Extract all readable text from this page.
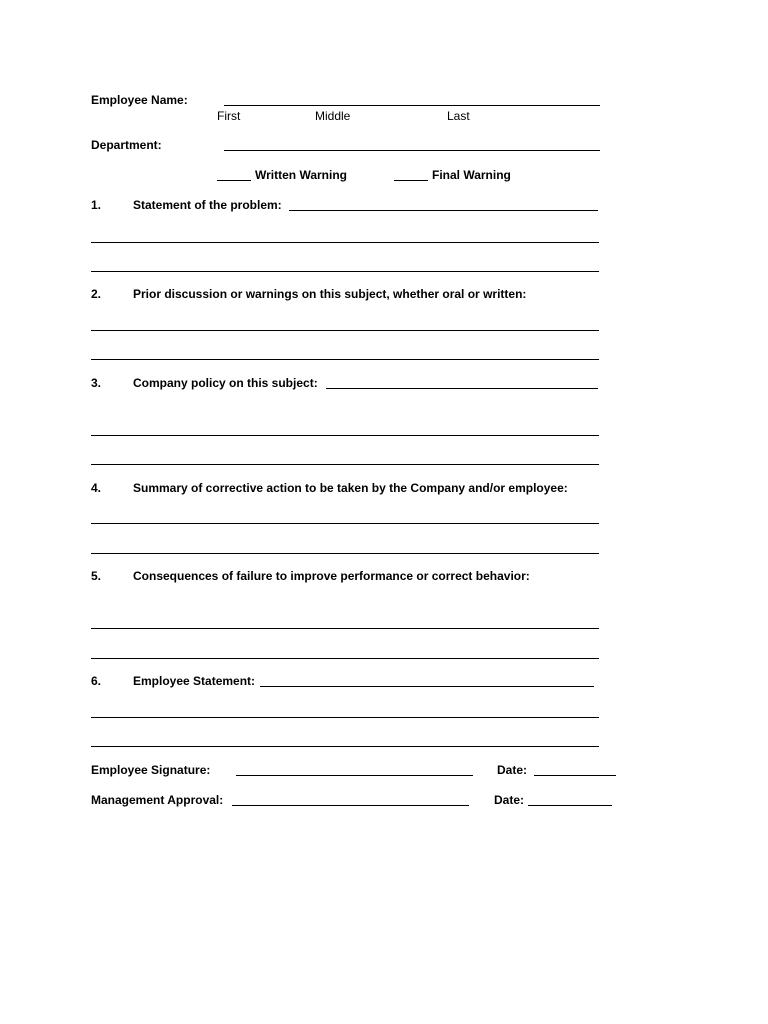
Employee Name:
First	Middle	Last
Department:
Written Warning	Final Warning
1.	Statement of the problem:
2.	Prior discussion or warnings on this subject, whether oral or written:
3.	Company policy on this subject:
4.	Summary of corrective action to be taken by the Company and/or employee:
5.	Consequences of failure to improve performance or correct behavior:
6.	Employee Statement:
Employee Signature:	Date:
Management Approval:	Date:
